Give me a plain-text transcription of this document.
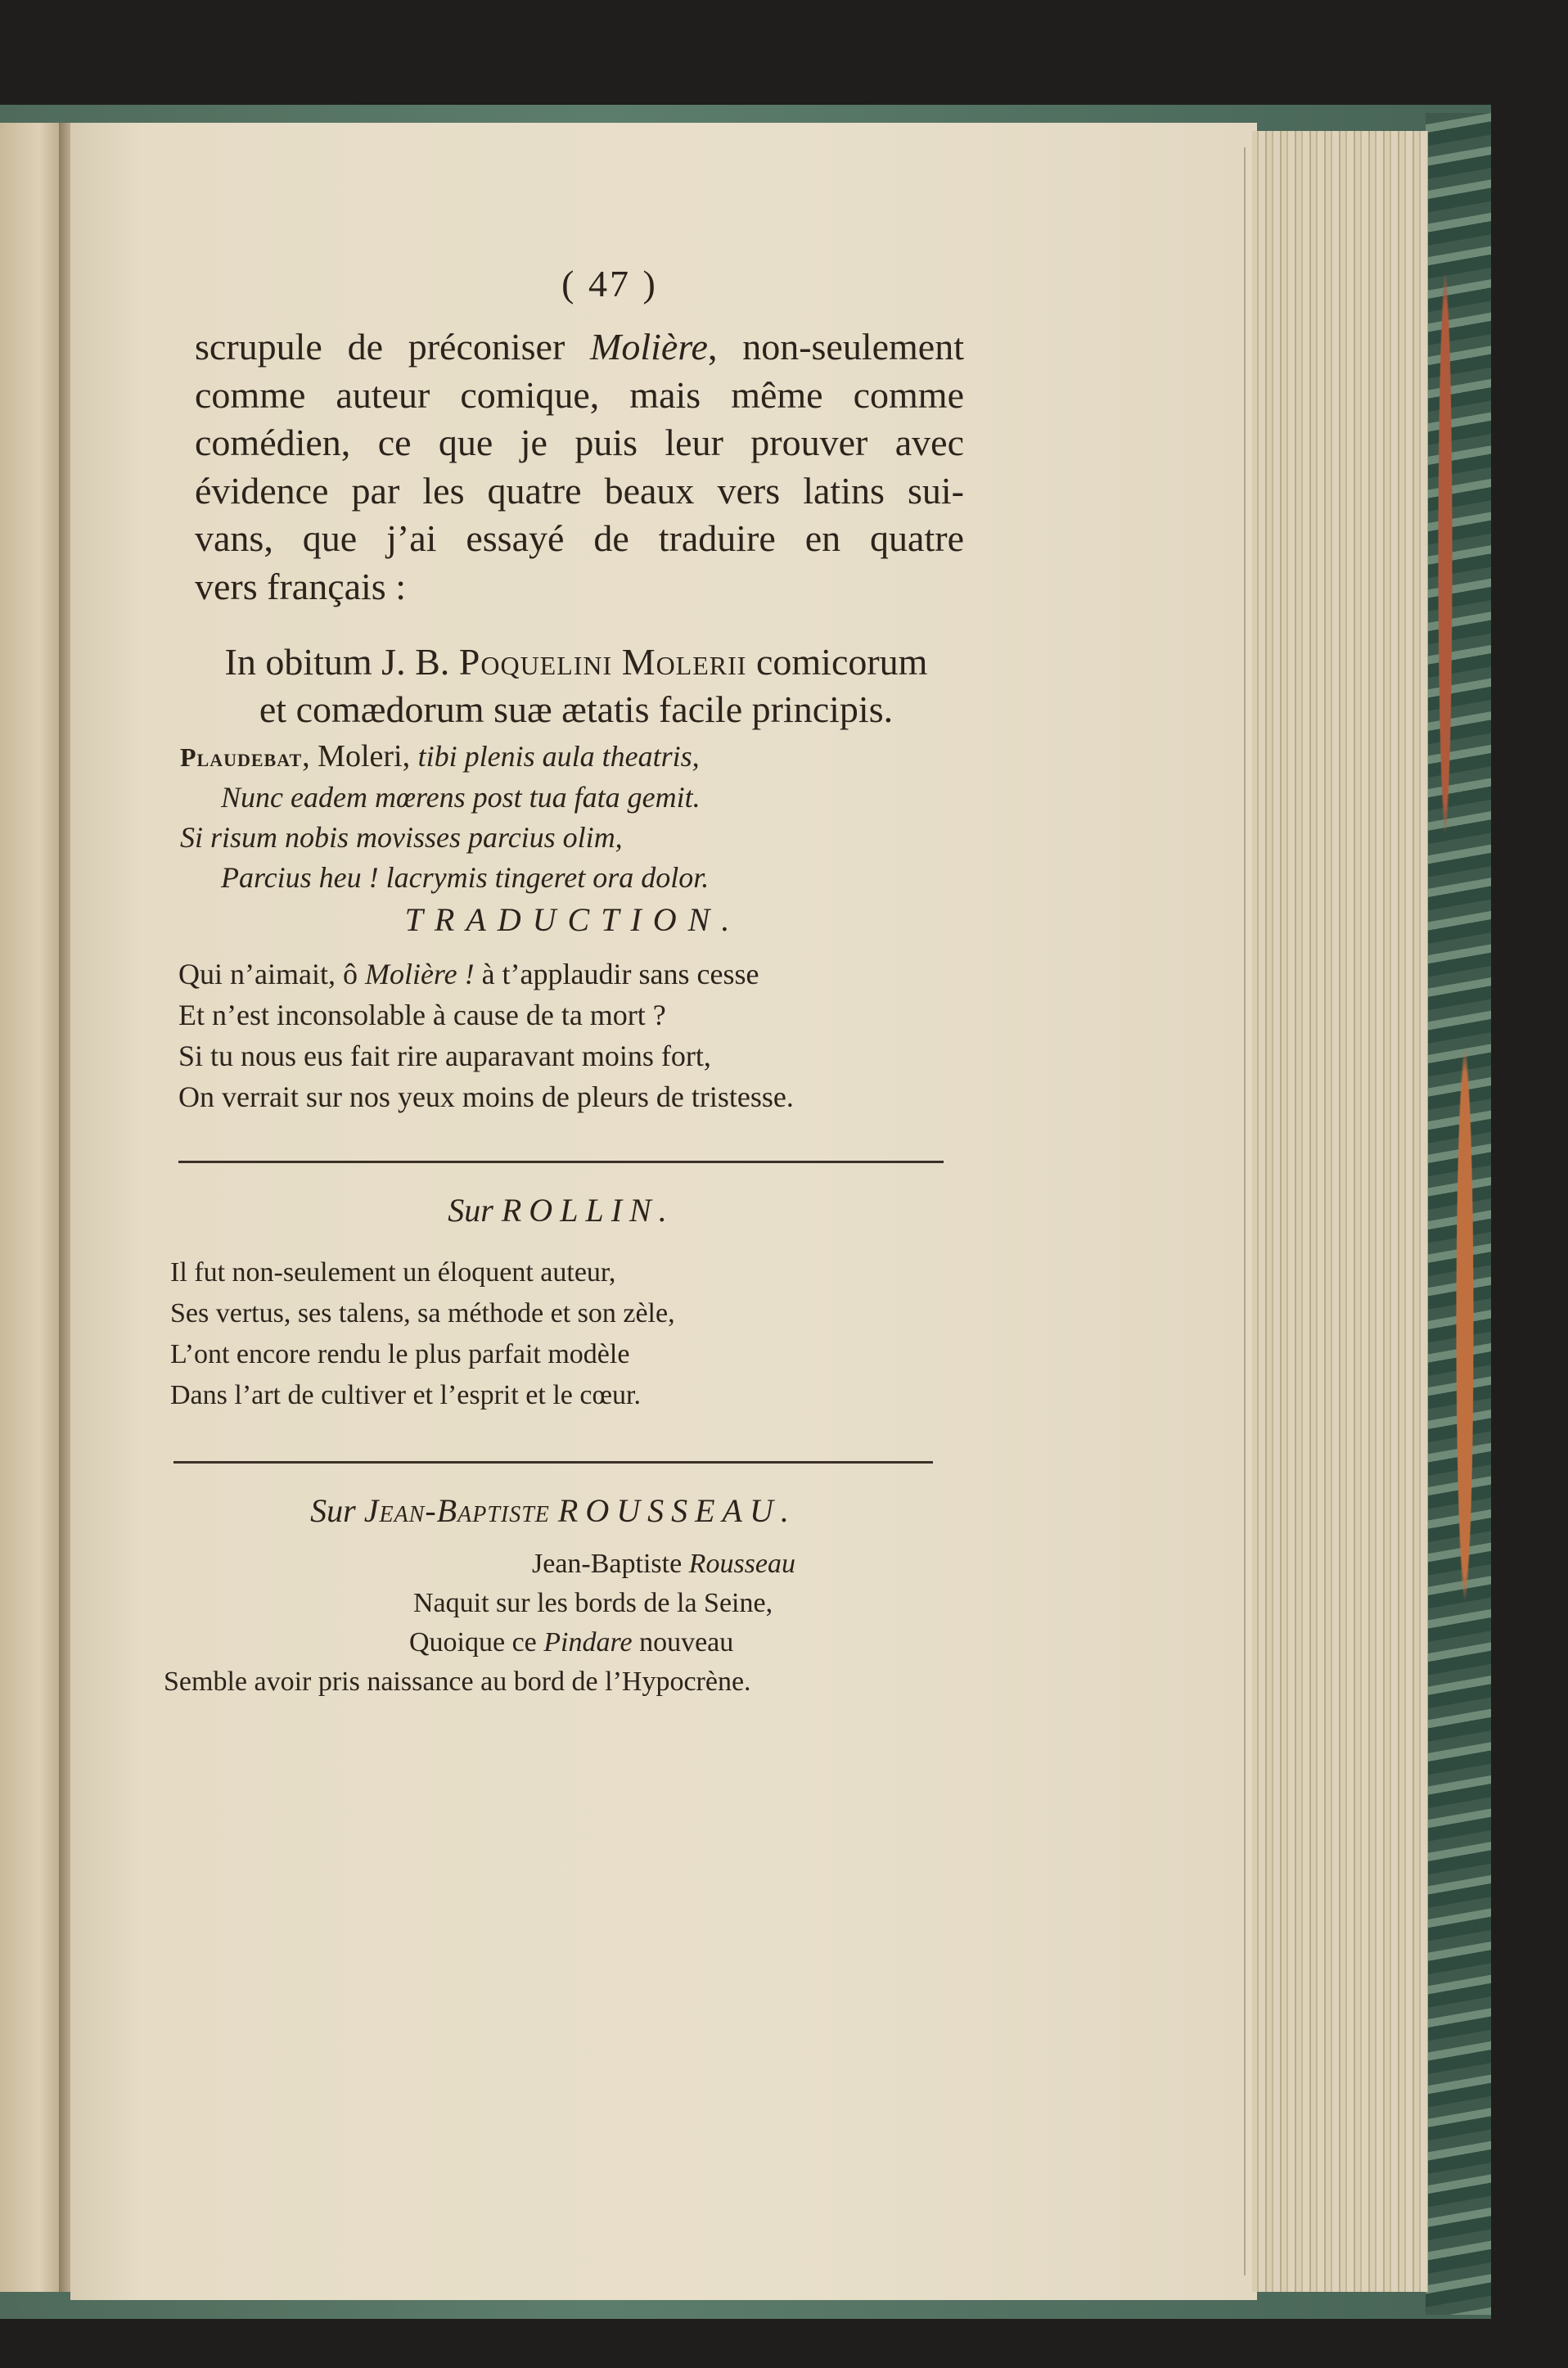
( 47 )
scrupule de préconiser Molière, non-seulement
comme auteur comique, mais même comme
comédien, ce que je puis leur prouver avec
évidence par les quatre beaux vers latins sui-
vans, que j’ai essayé de traduire en quatre
vers français :
In obitum J. B. Poquelini Molerii comicorum
et comædorum suæ ætatis facile principis.
Plaudebat, Moleri, tibi plenis aula theatris,
Nunc eadem mœrens post tua fata gemit.
Si risum nobis movisses parcius olim,
Parcius heu ! lacrymis tingeret ora dolor.
TRADUCTION.
Qui n’aimait, ô Molière ! à t’applaudir sans cesse
Et n’est inconsolable à cause de ta mort ?
Si tu nous eus fait rire auparavant moins fort,
On verrait sur nos yeux moins de pleurs de tristesse.
Sur ROLLIN.
Il fut non-seulement un éloquent auteur,
Ses vertus, ses talens, sa méthode et son zèle,
L’ont encore rendu le plus parfait modèle
Dans l’art de cultiver et l’esprit et le cœur.
Sur Jean-Baptiste ROUSSEAU.
Jean-Baptiste Rousseau
Naquit sur les bords de la Seine,
Quoique ce Pindare nouveau
Semble avoir pris naissance au bord de l’Hypocrène.
